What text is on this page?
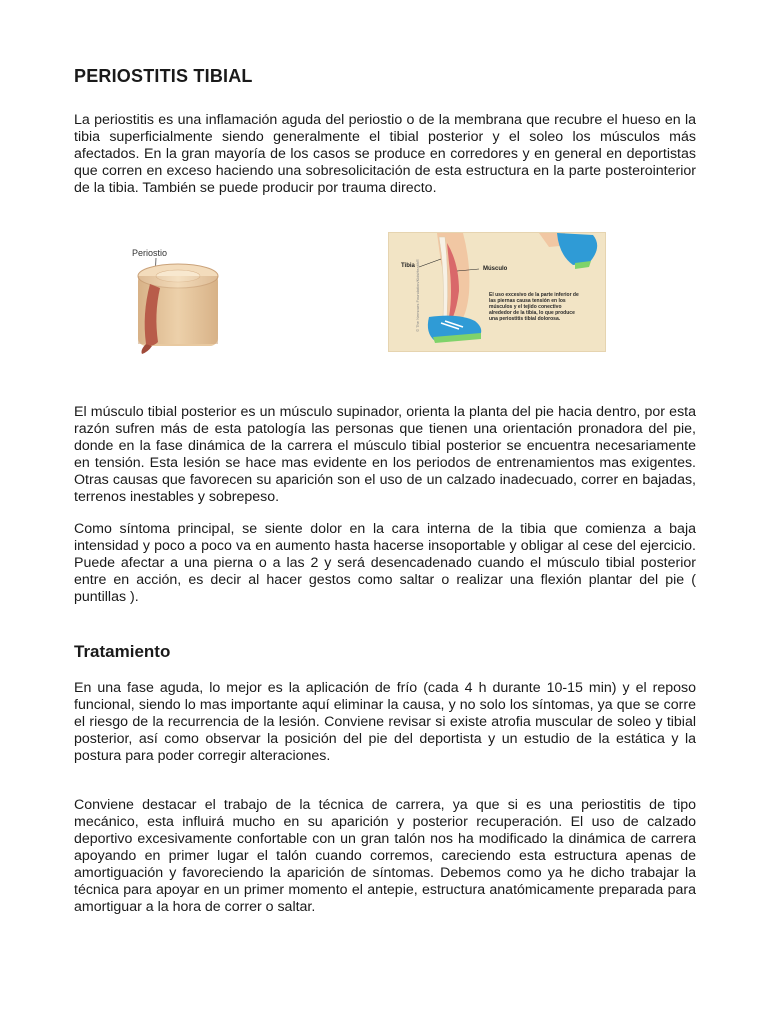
PERIOSTITIS TIBIAL

La periostitis es una inflamación aguda del periostio o de la membrana que recubre el hueso en la tibia superficialmente siendo generalmente el tibial posterior y el soleo los músculos más afectados. En la gran mayoría de los casos se produce en corredores y en general en deportistas que corren en exceso haciendo una sobresolicitación de esta estructura en la parte posterointerior de la tibia. También se puede producir por trauma directo.

Periostio
Tibia	Músculo
El uso excesivo de la parte inferior de las piernas causa tensión en los músculos y el tejido conectivo alrededor de la tibia, lo que produce una periostitis tibial dolorosa.
© The Nemours Foundation/KidsHealth®

El músculo tibial posterior es un músculo supinador, orienta la planta del pie hacia dentro, por esta razón sufren más de esta patología las personas que tienen una orientación pronadora del pie, donde en la fase dinámica de la carrera el músculo tibial posterior se encuentra necesariamente en tensión. Esta lesión se hace mas evidente en los periodos de entrenamientos mas exigentes. Otras causas que favorecen su aparición son el uso de un calzado inadecuado, correr en bajadas, terrenos inestables y sobrepeso.

Como síntoma principal, se siente dolor en la cara interna de la tibia que comienza a baja intensidad y poco a poco va en aumento hasta hacerse insoportable y obligar al cese del ejercicio. Puede afectar a una pierna o a las 2 y será desencadenado cuando el músculo tibial posterior entre en acción, es decir al hacer gestos como saltar o realizar una flexión plantar del pie ( puntillas ).

Tratamiento

En una fase aguda, lo mejor es la aplicación de frío (cada 4 h durante 10-15 min) y el reposo funcional, siendo lo mas importante aquí eliminar la causa, y no solo los síntomas, ya que se corre el riesgo de la recurrencia de la lesión. Conviene revisar si existe atrofia muscular de soleo y tibial posterior, así como observar la posición del pie del deportista y un estudio de la estática y la postura para poder corregir alteraciones.

Conviene destacar el trabajo de la técnica de carrera, ya que si es una periostitis de tipo mecánico, esta influirá mucho en su aparición y posterior recuperación. El uso de calzado deportivo excesivamente confortable con un gran talón nos ha modificado la dinámica de carrera apoyando en primer lugar el talón cuando corremos, careciendo esta estructura apenas de amortiguación y favoreciendo la aparición de síntomas. Debemos como ya he dicho trabajar la técnica para apoyar en un primer momento el antepie, estructura anatómicamente preparada para amortiguar a la hora de correr o saltar.
